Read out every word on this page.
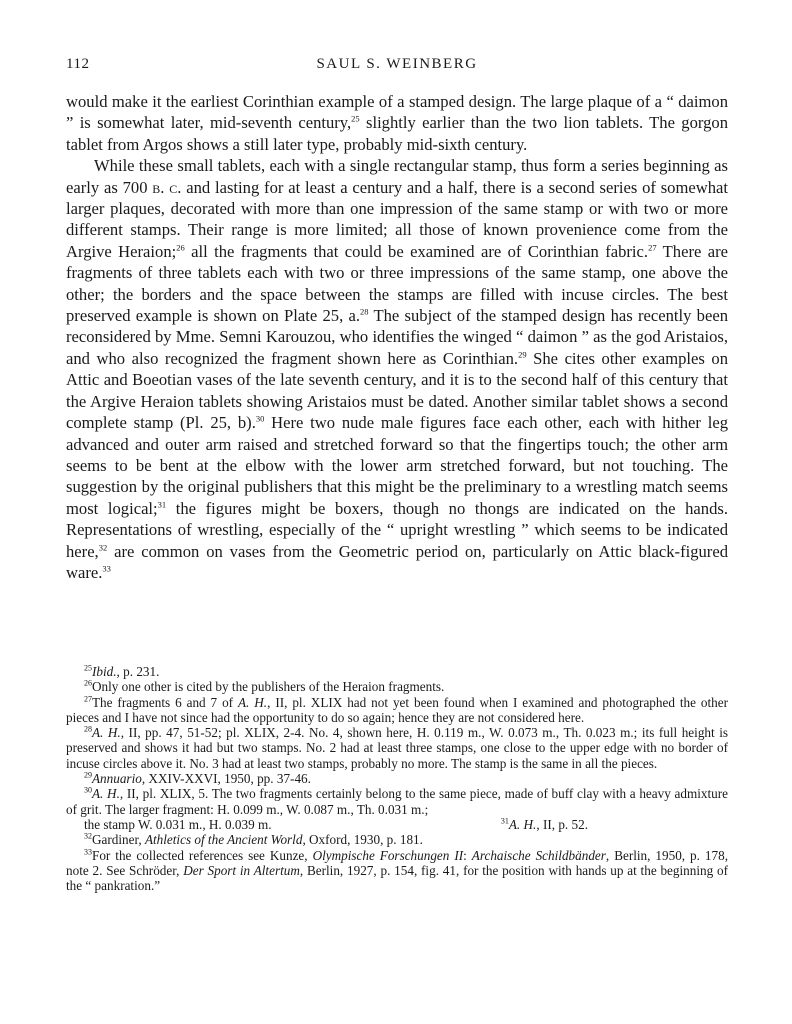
112	SAUL S. WEINBERG

would make it the earliest Corinthian example of a stamped design. The large plaque of a “ daimon ” is somewhat later, mid-seventh century,$^{25}$ slightly earlier than the two lion tablets. The gorgon tablet from Argos shows a still later type, probably mid-sixth century.

While these small tablets, each with a single rectangular stamp, thus form a series beginning as early as 700 b. c. and lasting for at least a century and a half, there is a second series of somewhat larger plaques, decorated with more than one impression of the same stamp or with two or more different stamps. Their range is more limited; all those of known provenience come from the Argive Heraion;$^{26}$ all the fragments that could be examined are of Corinthian fabric.$^{27}$ There are fragments of three tablets each with two or three impressions of the same stamp, one above the other; the borders and the space between the stamps are filled with incuse circles. The best preserved example is shown on Plate 25, a.$^{28}$ The subject of the stamped design has recently been reconsidered by Mme. Semni Karouzou, who identifies the winged “ daimon ” as the god Aristaios, and who also recognized the fragment shown here as Corinthian.$^{29}$ She cites other examples on Attic and Boeotian vases of the late seventh century, and it is to the second half of this century that the Argive Heraion tablets showing Aristaios must be dated. Another similar tablet shows a second complete stamp (Pl. 25, b).$^{30}$ Here two nude male figures face each other, each with hither leg advanced and outer arm raised and stretched forward so that the fingertips touch; the other arm seems to be bent at the elbow with the lower arm stretched forward, but not touching. The suggestion by the original publishers that this might be the preliminary to a wrestling match seems most logical;$^{31}$ the figures might be boxers, though no thongs are indicated on the hands. Representations of wrestling, especially of the “ upright wrestling ” which seems to be indicated here,$^{32}$ are common on vases from the Geometric period on, particularly on Attic black-figured ware.$^{33}$

$^{25}$Ibid., p. 231.

$^{26}$Only one other is cited by the publishers of the Heraion fragments.

$^{27}$The fragments 6 and 7 of A. H., II, pl. XLIX had not yet been found when I examined and photographed the other pieces and I have not since had the opportunity to do so again; hence they are not considered here.

$^{28}$A. H., II, pp. 47, 51-52; pl. XLIX, 2-4. No. 4, shown here, H. 0.119 m., W. 0.073 m., Th. 0.023 m.; its full height is preserved and shows it had but two stamps. No. 2 had at least three stamps, one close to the upper edge with no border of incuse circles above it. No. 3 had at least two stamps, probably no more. The stamp is the same in all the pieces.

$^{29}$Annuario, XXIV-XXVI, 1950, pp. 37-46.

$^{30}$A. H., II, pl. XLIX, 5. The two fragments certainly belong to the same piece, made of buff clay with a heavy admixture of grit. The larger fragment: H. 0.099 m., W. 0.087 m., Th. 0.031 m.;

the stamp W. 0.031 m., H. 0.039 m.	$^{31}$A. H., II, p. 52.

$^{32}$Gardiner, Athletics of the Ancient World, Oxford, 1930, p. 181.

$^{33}$For the collected references see Kunze, Olympische Forschungen II: Archaische Schildbänder, Berlin, 1950, p. 178, note 2. See Schröder, Der Sport in Altertum, Berlin, 1927, p. 154, fig. 41, for the position with hands up at the beginning of the “ pankration.”
